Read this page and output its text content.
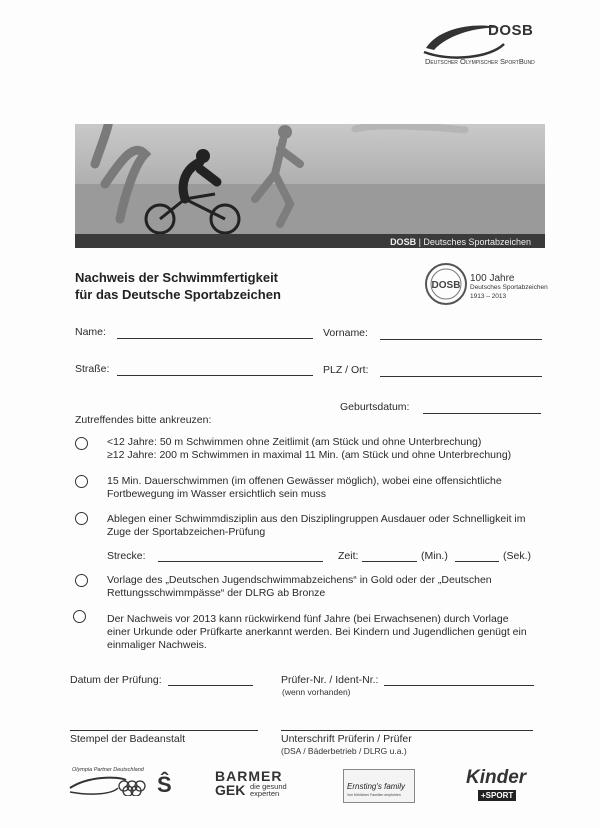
DOSB
Deutscher Olympischer SportBund
DOSB | Deutsches Sportabzeichen
Nachweis der Schwimmfertigkeit
für das Deutsche Sportabzeichen
DOSB
100 Jahre
Deutsches Sportabzeichen
1913 – 2013
Name:	Vorname:
Straße:	PLZ / Ort:
Geburtsdatum:
Zutreffendes bitte ankreuzen:
<12 Jahre: 50 m Schwimmen ohne Zeitlimit (am Stück und ohne Unterbrechung)
≥12 Jahre: 200 m Schwimmen in maximal 11 Min. (am Stück und ohne Unterbrechung)
15 Min. Dauerschwimmen (im offenen Gewässer möglich), wobei eine offensichtliche
Fortbewegung im Wasser ersichtlich sein muss
Ablegen einer Schwimmdisziplin aus den Disziplingruppen Ausdauer oder Schnelligkeit im
Zuge der Sportabzeichen-Prüfung
Strecke:	Zeit:	(Min.)	(Sek.)
Vorlage des „Deutschen Jugendschwimmabzeichens“ in Gold oder der „Deutschen
Rettungsschwimmpässe“ der DLRG ab Bronze
Der Nachweis vor 2013 kann rückwirkend fünf Jahre (bei Erwachsenen) durch Vorlage
einer Urkunde oder Prüfkarte anerkannt werden. Bei Kindern und Jugendlichen genügt ein
einmaliger Nachweis.
Datum der Prüfung:	Prüfer-Nr. / Ident-Nr.:
(wenn vorhanden)
Stempel der Badeanstalt	Unterschrift Prüferin / Prüfer
(DSA / Bäderbetrieb / DLRG u.a.)
Olympia Partner Deutschland
Ŝ	BARMER
GEK die gesund
experten
Ernsting's family
Von fröhlichen Familien empfohlen
Kinder
+SPORT
